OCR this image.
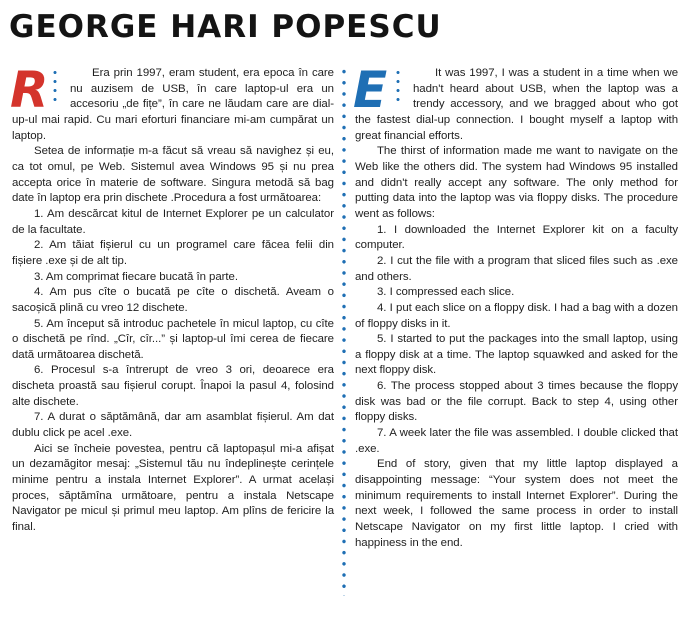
GEORGE HARI POPESCU
R	Era prin 1997, eram student, era epoca în care nu auzisem de USB, în care laptop-ul era un accesoriu „de fițe”, în care ne lăudam care are dial-up-ul mai rapid. Cu mari eforturi financiare mi-am cumpărat un laptop.

Setea de informație m-a făcut să vreau să navighez și eu, ca tot omul, pe Web. Sistemul avea Windows 95 și nu prea accepta orice în materie de software. Singura metodă să bag date în laptop era prin dischete .Procedura a fost următoarea:

1. Am descărcat kitul de Internet Explorer pe un calculator de la facultate.

2. Am tăiat fișierul cu un programel care făcea felii din fișiere .exe și de alt tip.

3. Am comprimat fiecare bucată în parte.

4. Am pus cîte o bucată pe cîte o dischetă. Aveam o sacoșică plină cu vreo 12 dischete.

5. Am început să introduc pachetele în micul laptop, cu cîte o dischetă pe rînd. „Cîr, cîr...” și laptop-ul îmi cerea de fiecare dată următoarea dischetă.

6. Procesul s-a întrerupt de vreo 3 ori, deoarece era discheta proastă sau fișierul corupt. Înapoi la pasul 4, folosind alte dischete.

7. A durat o săptămână, dar am asamblat fișierul. Am dat dublu click pe acel .exe.

Aici se încheie povestea, pentru că laptopașul mi-a afișat un dezamăgitor mesaj: „Sistemul tău nu îndeplinește cerințele minime pentru a instala Internet Explorer”. A urmat același proces, săptămîna următoare, pentru a instala Netscape Navigator pe micul și primul meu laptop. Am plîns de fericire la final.

E	It was 1997, I was a student in a time when we hadn't heard about USB, when the laptop was a trendy accessory, and we bragged about who got the fastest dial-up connection. I bought myself a laptop with great financial efforts.

The thirst of information made me want to navigate on the Web like the others did. The system had Windows 95 installed and didn't really accept any software. The only method for putting data into the laptop was via floppy disks. The procedure went as follows:

1. I downloaded the Internet Explorer kit on a faculty computer.

2. I cut the file with a program that sliced files such as .exe and others.

3. I compressed each slice.

4. I put each slice on a floppy disk. I had a bag with a dozen of floppy disks in it.

5. I started to put the packages into the small laptop, using a floppy disk at a time. The laptop squawked and asked for the next floppy disk.

6. The process stopped about 3 times because the floppy disk was bad or the file corrupt. Back to step 4, using other floppy disks.

7. A week later the file was assembled. I double clicked that .exe.

End of story, given that my little laptop displayed a disappointing message: “Your system does not meet the minimum requirements to install Internet Explorer”. During the next week, I followed the same process in order to install Netscape Navigator on my first little laptop. I cried with happiness in the end.
